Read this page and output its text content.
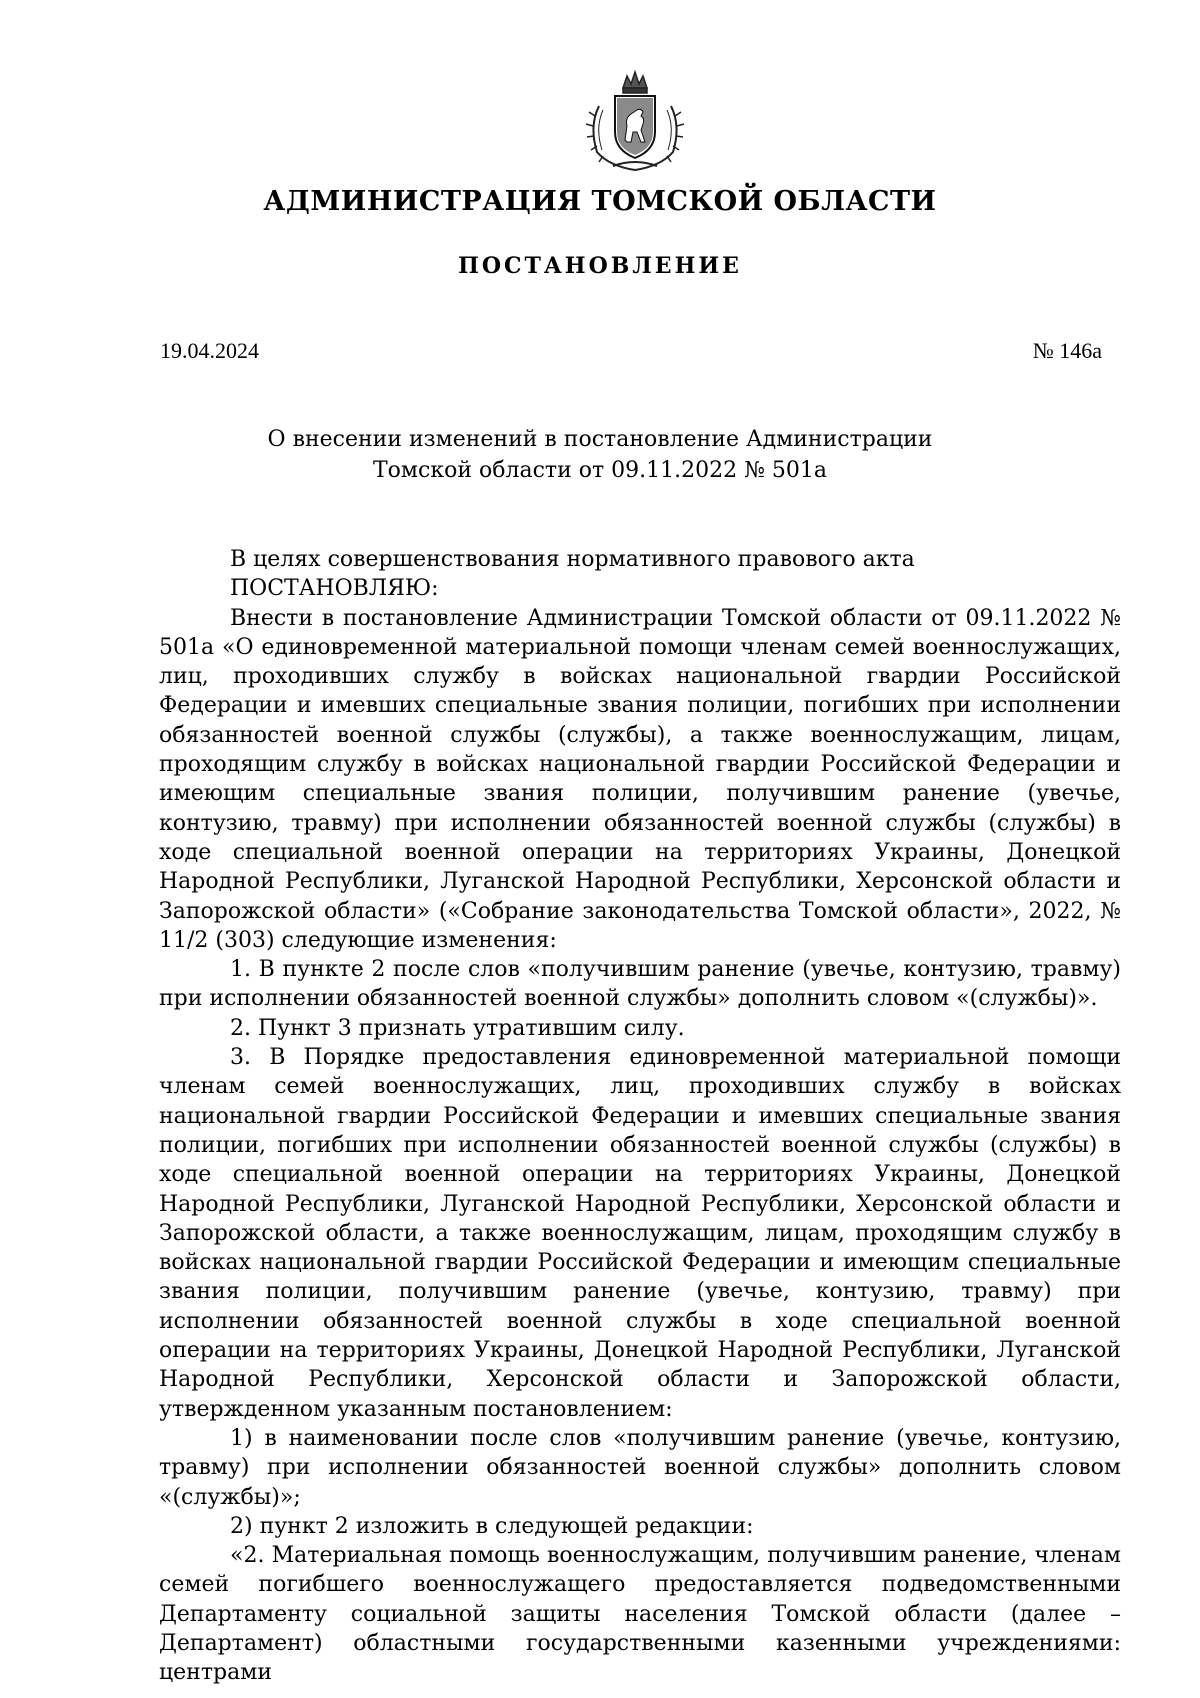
АДМИНИСТРАЦИЯ ТОМСКОЙ ОБЛАСТИ
ПОСТАНОВЛЕНИЕ
19.04.2024	№ 146а
О внесении изменений в постановление Администрации
Томской области от 09.11.2022 № 501а

В целях совершенствования нормативного правового акта

ПОСТАНОВЛЯЮ:

Внести в постановление Администрации Томской области от 09.11.2022 № 501а «О единовременной материальной помощи членам семей военнослужащих, лиц, проходивших службу в войсках национальной гвардии Российской Федерации и имевших специальные звания полиции, погибших при исполнении обязанностей военной службы (службы), а также военнослужащим, лицам, проходящим службу в войсках национальной гвардии Российской Федерации и имеющим специальные звания полиции, получившим ранение (увечье, контузию, травму) при исполнении обязанностей военной службы (службы) в ходе специальной военной операции на территориях Украины, Донецкой Народной Республики, Луганской Народной Республики, Херсонской области и Запорожской области» («Собрание законодательства Томской области», 2022, № 11/2 (303) следующие изменения:

1. В пункте 2 после слов «получившим ранение (увечье, контузию, травму) при исполнении обязанностей военной службы» дополнить словом «(службы)».

2. Пункт 3 признать утратившим силу.

3. В Порядке предоставления единовременной материальной помощи членам семей военнослужащих, лиц, проходивших службу в войсках национальной гвардии Российской Федерации и имевших специальные звания полиции, погибших при исполнении обязанностей военной службы (службы) в ходе специальной военной операции на территориях Украины, Донецкой Народной Республики, Луганской Народной Республики, Херсонской области и Запорожской области, а также военнослужащим, лицам, проходящим службу в войсках национальной гвардии Российской Федерации и имеющим специальные звания полиции, получившим ранение (увечье, контузию, травму) при исполнении обязанностей военной службы в ходе специальной военной операции на территориях Украины, Донецкой Народной Республики, Луганской Народной Республики, Херсонской области и Запорожской области, утвержденном указанным постановлением:

1) в наименовании после слов «получившим ранение (увечье, контузию, травму) при исполнении обязанностей военной службы» дополнить словом «(службы)»;

2) пункт 2 изложить в следующей редакции:

«2. Материальная помощь военнослужащим, получившим ранение, членам семей погибшего военнослужащего предоставляется подведомственными Департаменту социальной защиты населения Томской области (далее – Департамент) областными государственными казенными учреждениями: центрами
